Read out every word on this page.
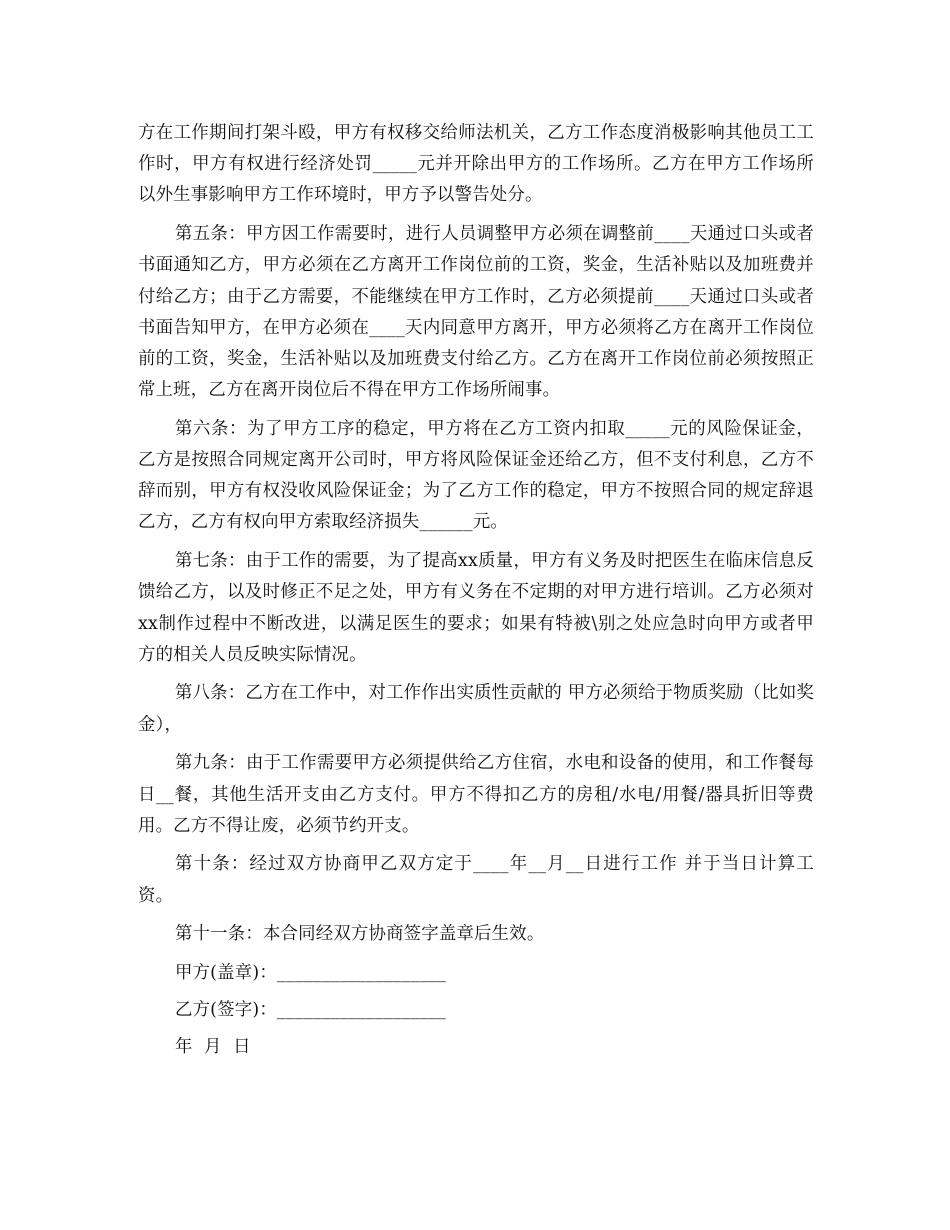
方在工作期间打架斗殴，甲方有权移交给师法机关，乙方工作态度消极影响其他员工工作时，甲方有权进行经济处罚_____元并开除出甲方的工作场所。乙方在甲方工作场所以外生事影响甲方工作环境时，甲方予以警告处分。

第五条：甲方因工作需要时，进行人员调整甲方必须在调整前____天通过口头或者书面通知乙方，甲方必须在乙方离开工作岗位前的工资，奖金，生活补贴以及加班费并付给乙方；由于乙方需要，不能继续在甲方工作时，乙方必须提前____天通过口头或者书面告知甲方，在甲方必须在____天内同意甲方离开，甲方必须将乙方在离开工作岗位前的工资，奖金，生活补贴以及加班费支付给乙方。乙方在离开工作岗位前必须按照正常上班，乙方在离开岗位后不得在甲方工作场所闹事。

第六条：为了甲方工序的稳定，甲方将在乙方工资内扣取_____元的风险保证金，乙方是按照合同规定离开公司时，甲方将风险保证金还给乙方，但不支付利息，乙方不辞而别，甲方有权没收风险保证金；为了乙方工作的稳定，甲方不按照合同的规定辞退乙方，乙方有权向甲方索取经济损失______元。

第七条：由于工作的需要，为了提高xx质量，甲方有义务及时把医生在临床信息反馈给乙方，以及时修正不足之处，甲方有义务在不定期的对甲方进行培训。乙方必须对xx制作过程中不断改进，以满足医生的要求；如果有特被\别之处应急时向甲方或者甲方的相关人员反映实际情况。

第八条：乙方在工作中，对工作作出实质性贡献的 甲方必须给于物质奖励（比如奖金），

第九条：由于工作需要甲方必须提供给乙方住宿，水电和设备的使用，和工作餐每日__餐，其他生活开支由乙方支付。甲方不得扣乙方的房租/水电/用餐/器具折旧等费用。乙方不得让废，必须节约开支。

第十条：经过双方协商甲乙双方定于____年__月__日进行工作 并于当日计算工资。

第十一条：本合同经双方协商签字盖章后生效。

甲方(盖章)：___________________
乙方(签字)：___________________
年  月  日
